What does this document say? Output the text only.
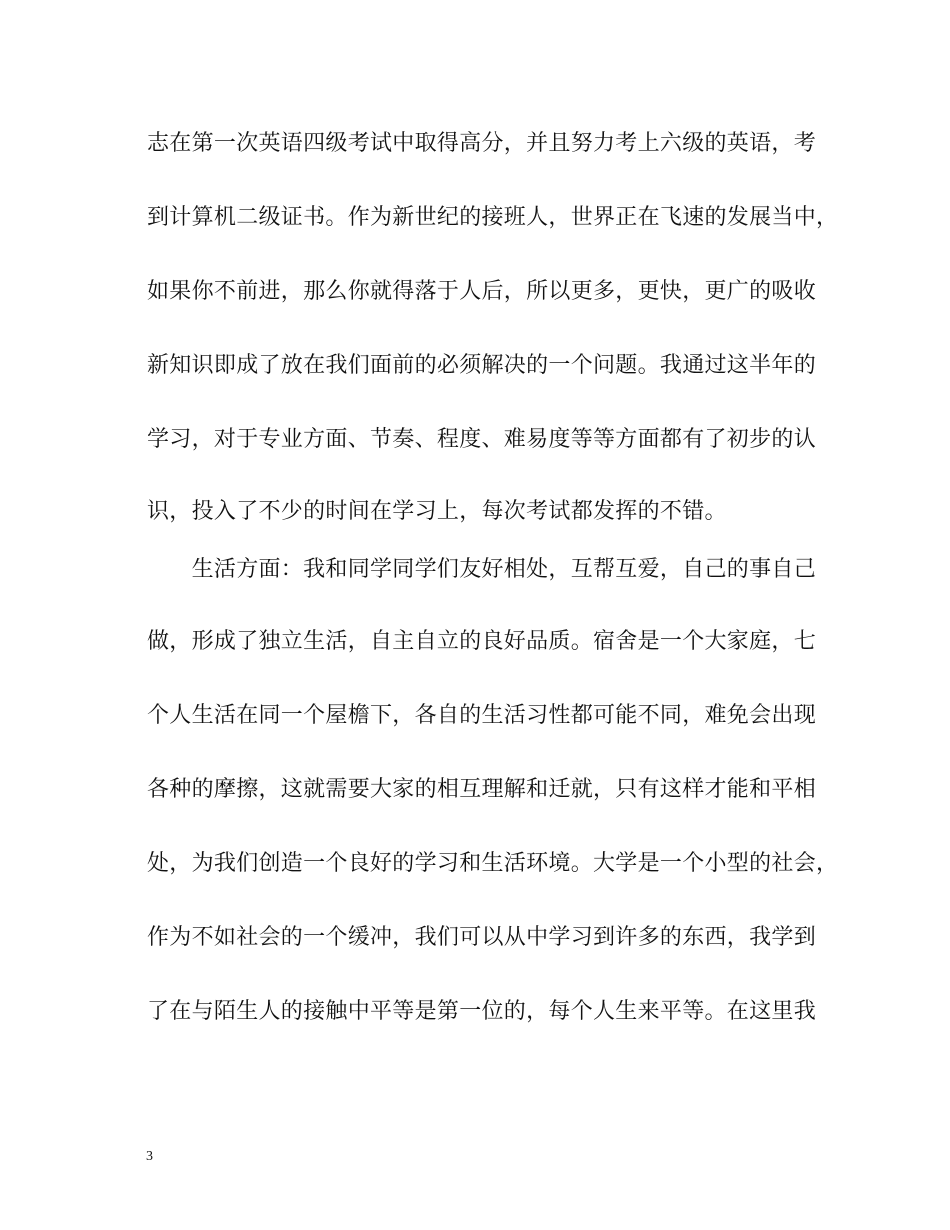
志在第一次英语四级考试中取得高分，并且努力考上六级的英语，考
到计算机二级证书。作为新世纪的接班人，世界正在飞速的发展当中，
如果你不前进，那么你就得落于人后，所以更多，更快，更广的吸收
新知识即成了放在我们面前的必须解决的一个问题。我通过这半年的
学习，对于专业方面、节奏、程度、难易度等等方面都有了初步的认
识，投入了不少的时间在学习上，每次考试都发挥的不错。
　　生活方面：我和同学同学们友好相处，互帮互爱，自己的事自己
做，形成了独立生活，自主自立的良好品质。宿舍是一个大家庭，七
个人生活在同一个屋檐下，各自的生活习性都可能不同，难免会出现
各种的摩擦，这就需要大家的相互理解和迁就，只有这样才能和平相
处，为我们创造一个良好的学习和生活环境。大学是一个小型的社会，
作为不如社会的一个缓冲，我们可以从中学习到许多的东西，我学到
了在与陌生人的接触中平等是第一位的，每个人生来平等。在这里我
3
